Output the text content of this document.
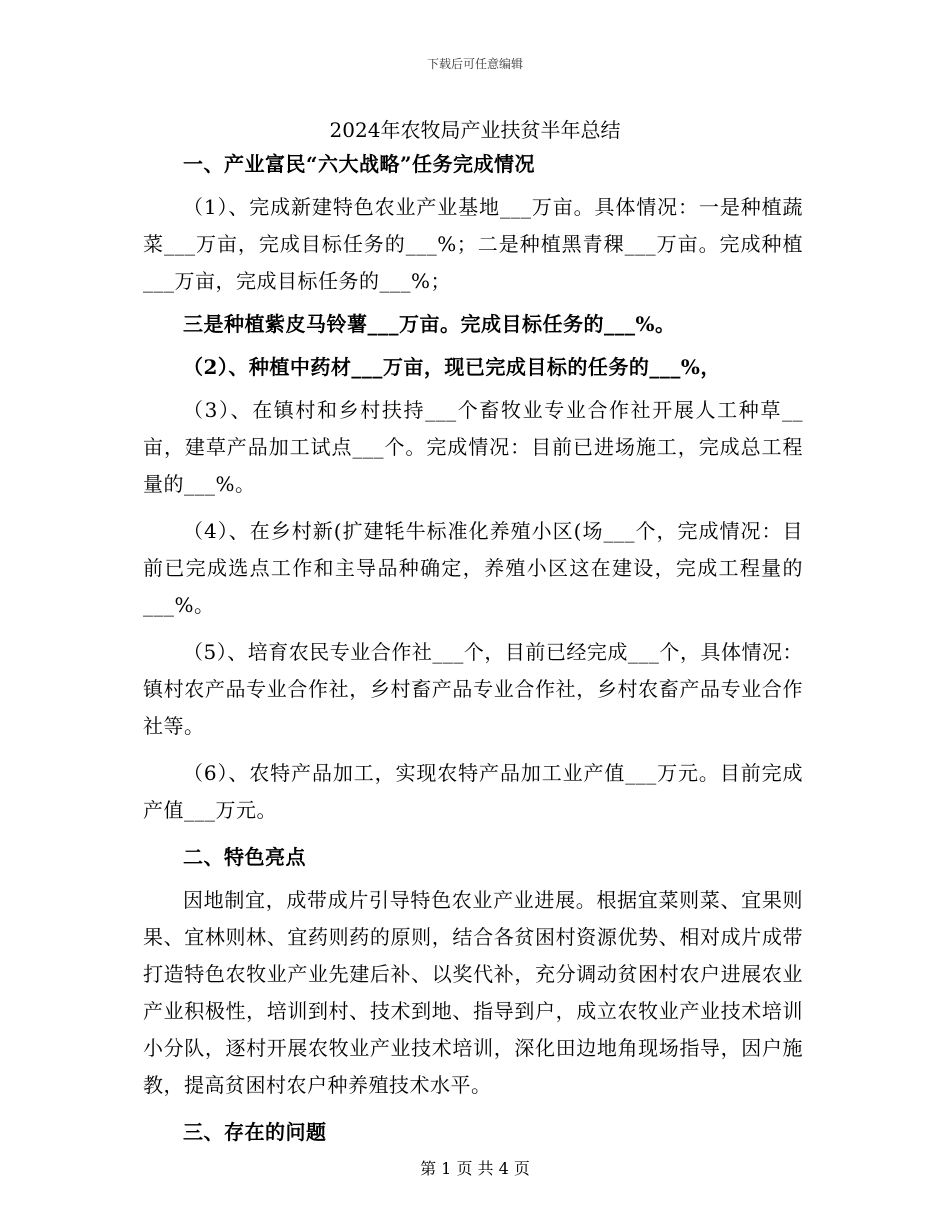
下载后可任意编辑
2024年农牧局产业扶贫半年总结

一、产业富民“六大战略”任务完成情况

（1）、完成新建特色农业产业基地___万亩。具体情况：一是种植蔬菜___万亩，完成目标任务的___%；二是种植黑青稞___万亩。完成种植___万亩，完成目标任务的___%；

三是种植紫皮马铃薯___万亩。完成目标任务的___%。

（2）、种植中药材___万亩，现已完成目标的任务的___%，

（3）、在镇村和乡村扶持___个畜牧业专业合作社开展人工种草__亩，建草产品加工试点___个。完成情况：目前已进场施工，完成总工程量的___%。

（4）、在乡村新(扩建牦牛标准化养殖小区(场___个，完成情况：目前已完成选点工作和主导品种确定，养殖小区这在建设，完成工程量的___%。

（5）、培育农民专业合作社___个，目前已经完成___个，具体情况：镇村农产品专业合作社，乡村畜产品专业合作社，乡村农畜产品专业合作社等。

（6）、农特产品加工，实现农特产品加工业产值___万元。目前完成产值___万元。

二、特色亮点

因地制宜，成带成片引导特色农业产业进展。根据宜菜则菜、宜果则果、宜林则林、宜药则药的原则，结合各贫困村资源优势、相对成片成带打造特色农牧业产业先建后补、以奖代补，充分调动贫困村农户进展农业产业积极性，培训到村、技术到地、指导到户，成立农牧业产业技术培训小分队，逐村开展农牧业产业技术培训，深化田边地角现场指导，因户施教，提高贫困村农户种养殖技术水平。

三、存在的问题

第 1 页 共 4 页
